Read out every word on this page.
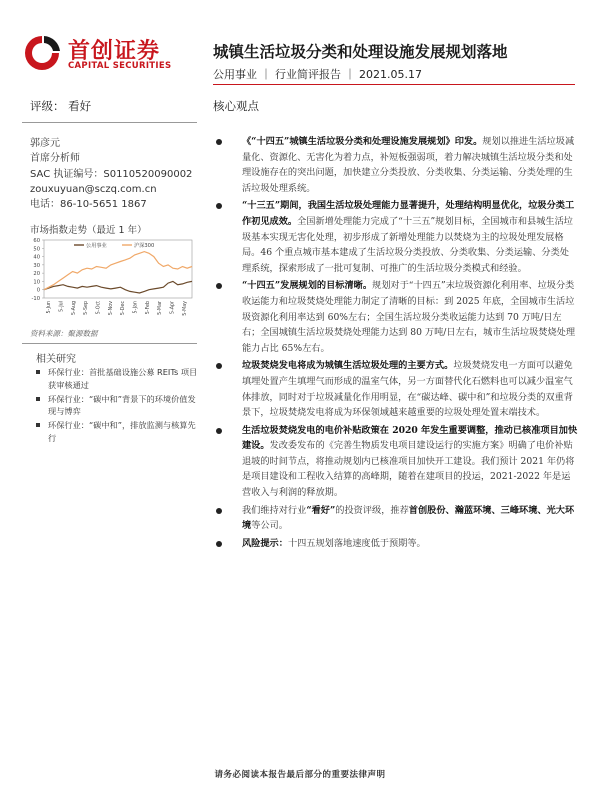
首创证券
CAPITAL SECURITIES
城镇生活垃圾分类和处理设施发展规划落地
公用事业 ｜ 行业简评报告 ｜ 2021.05.17
评级： 看好	核心观点
郭彦元
首席分析师
SAC 执证编号：S0110520090002
zouxuyuan@sczq.com.cn
电话：86-10-5651 1867
市场指数走势（最近 1 年）
-10
0
10
20
30
40
50
60
5-Jun 5-Jul 5-Aug 5-Sep 5-Oct 5-Nov 5-Dec 5-Jan 5-Feb 5-Mar 5-Apr 5-May
公用事业	沪深300
资料来源：聚源数据
相关研究
环保行业：首批基础设施公募 REITs 项目获审核通过
环保行业：“碳中和”背景下的环境价值发现与博弈
环保行业：“碳中和”，排放监测与核算先行
《“十四五”城镇生活垃圾分类和处理设施发展规划》印发。规划以推进生活垃圾减量化、资源化、无害化为着力点，补短板强弱项，着力解决城镇生活垃圾分类和处理设施存在的突出问题，加快建立分类投放、分类收集、分类运输、分类处理的生活垃圾处理系统。
“十三五”期间，我国生活垃圾处理能力显著提升，处理结构明显优化，垃圾分类工作初见成效。全国新增处理能力完成了“十三五”规划目标，全国城市和县城生活垃圾基本实现无害化处理，初步形成了新增处理能力以焚烧为主的垃圾处理发展格局。46 个重点城市基本建成了生活垃圾分类投放、分类收集、分类运输、分类处理系统，探索形成了一批可复制、可推广的生活垃圾分类模式和经验。
“十四五”发展规划的目标清晰。规划对于“十四五”末垃圾资源化利用率、垃圾分类收运能力和垃圾焚烧处理能力制定了清晰的目标：到 2025 年底，全国城市生活垃圾资源化利用率达到 60%左右；全国生活垃圾分类收运能力达到 70 万吨/日左右；全国城镇生活垃圾焚烧处理能力达到 80 万吨/日左右，城市生活垃圾焚烧处理能力占比 65%左右。
垃圾焚烧发电将成为城镇生活垃圾处理的主要方式。垃圾焚烧发电一方面可以避免填埋处置产生填埋气而形成的温室气体，另一方面替代化石燃料也可以减少温室气体排放，同时对于垃圾减量化作用明显，在“碳达峰、碳中和”和垃圾分类的双重背景下，垃圾焚烧发电将成为环保领域越来越重要的垃圾处理处置末端技术。
生活垃圾焚烧发电的电价补贴政策在 2020 年发生重要调整，推动已核准项目加快建设。发改委发布的《完善生物质发电项目建设运行的实施方案》明确了电价补贴退坡的时间节点，将推动规划内已核准项目加快开工建设。我们预计 2021 年仍将是项目建设和工程收入结算的高峰期，随着在建项目的投运，2021-2022 年是运营收入与利润的释放期。
我们维持对行业“看好”的投资评级，推荐首创股份、瀚蓝环境、三峰环境、光大环境等公司。
风险提示：十四五规划落地速度低于预期等。
请务必阅读本报告最后部分的重要法律声明
